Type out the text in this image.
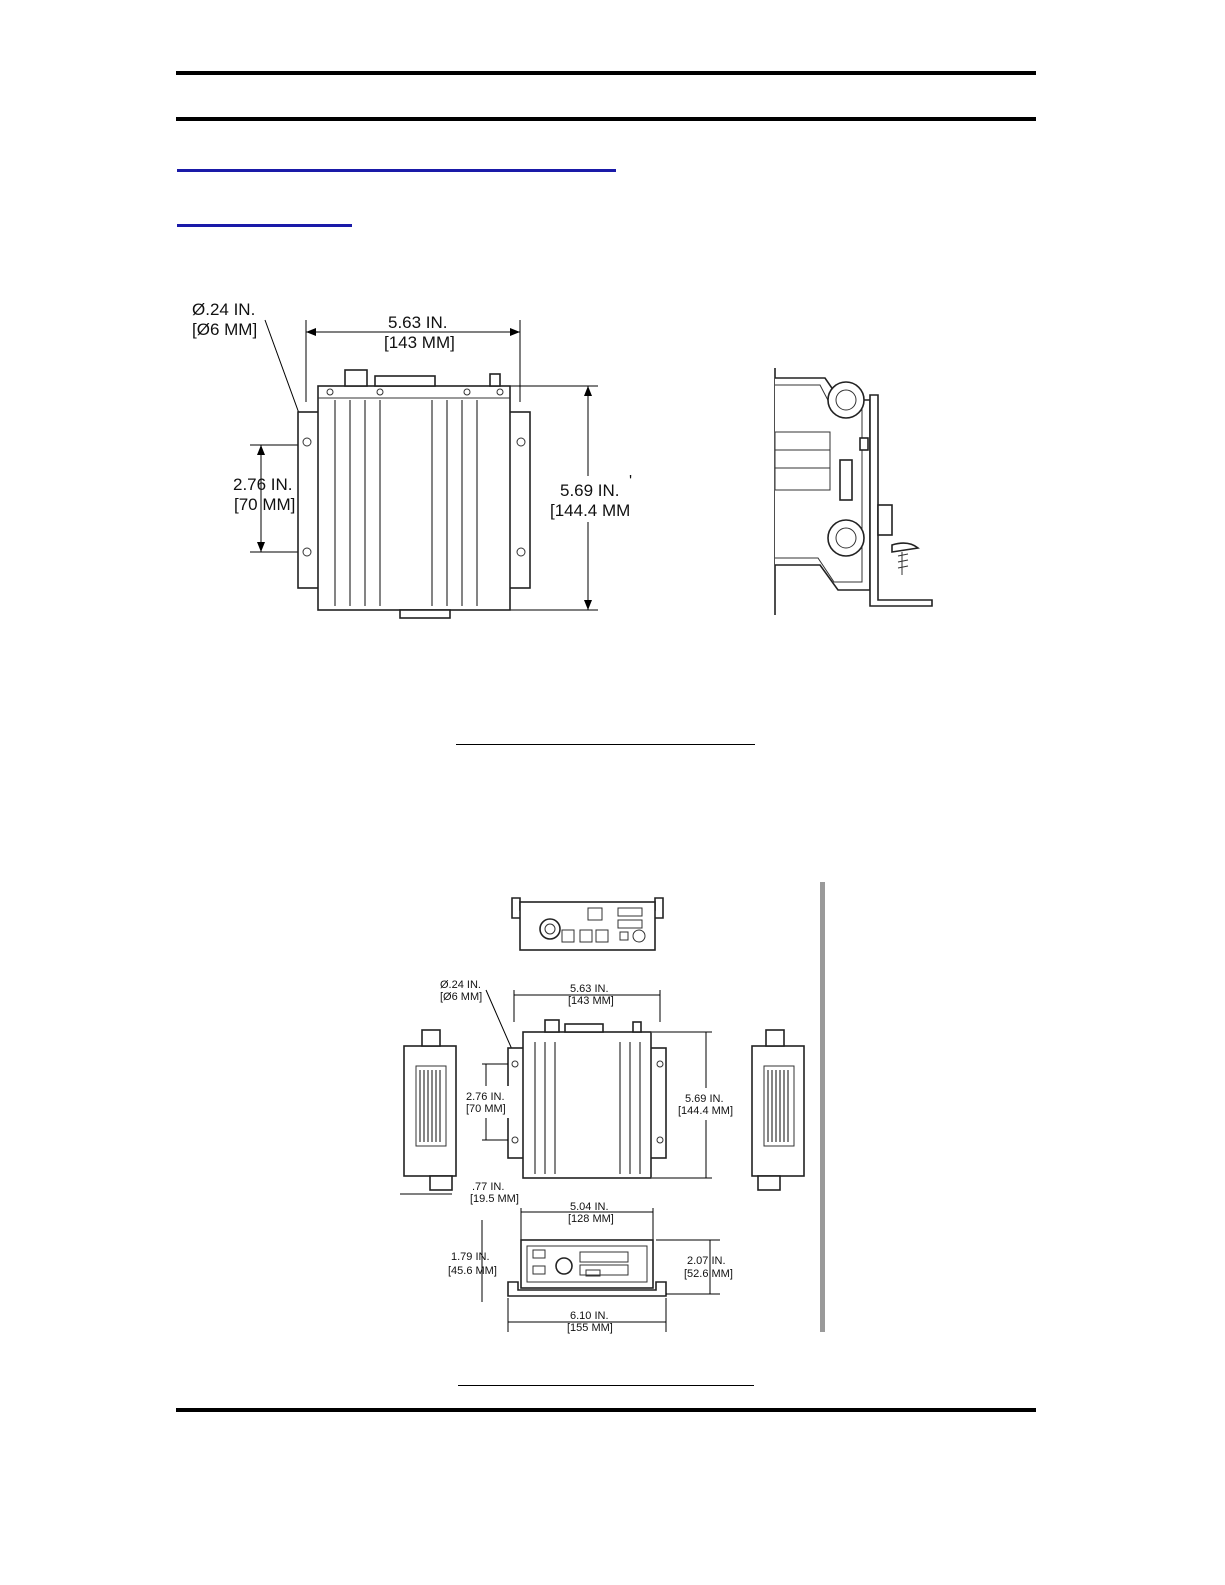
Ø.24 IN.
[Ø6 MM]	5.63 IN.
[143 MM]
2.76 IN.
[70 MM]
5.69 IN.
[144.4 MM
'
Ø.24 IN.
[Ø6 MM]
5.63 IN.
[143 MM]
2.76 IN.
[70 MM]
5.69 IN.
[144.4 MM]
.77 IN.
[19.5 MM]
5.04 IN.
[128 MM]
1.79 IN.
[45.6 MM]
2.07 IN.
[52.6 MM]
6.10 IN.
[155 MM]
